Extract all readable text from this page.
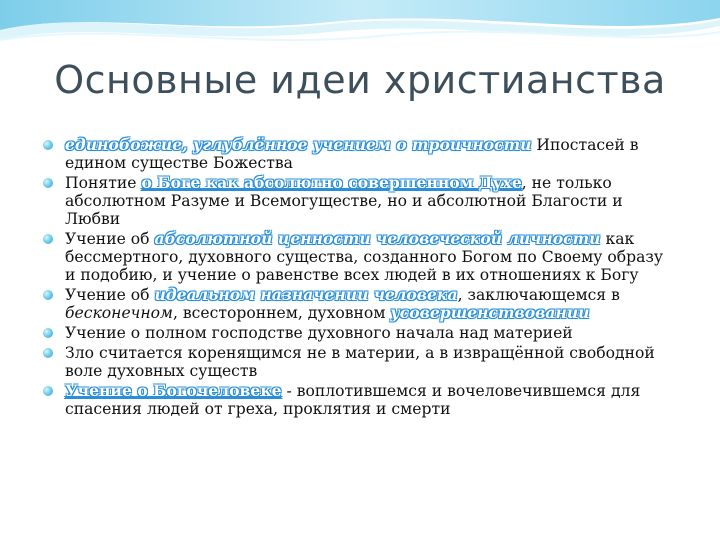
Основные идеи христианства
единобожие, углублённое учением о троичности Ипостасей в едином существе Божества
Понятие о Боге как абсолютно совершенном Духе, не только абсолютном Разуме и Всемогуществе, но и абсолютной Благости и Любви
Учение об абсолютной ценности человеческой личности как бессмертного, духовного существа, созданного Богом по Своему образу и подобию, и учение о равенстве всех людей в их отношениях к Богу
Учение об идеальном назначении человека, заключающемся в бесконечном, всестороннем, духовном усовершенствовании
Учение о полном господстве духовного начала над материей
Зло считается коренящимся не в материи, а в извращённой свободной воле духовных существ
Учение о Богочеловеке - воплотившемся и вочеловечившемся для спасения людей от греха, проклятия и смерти
